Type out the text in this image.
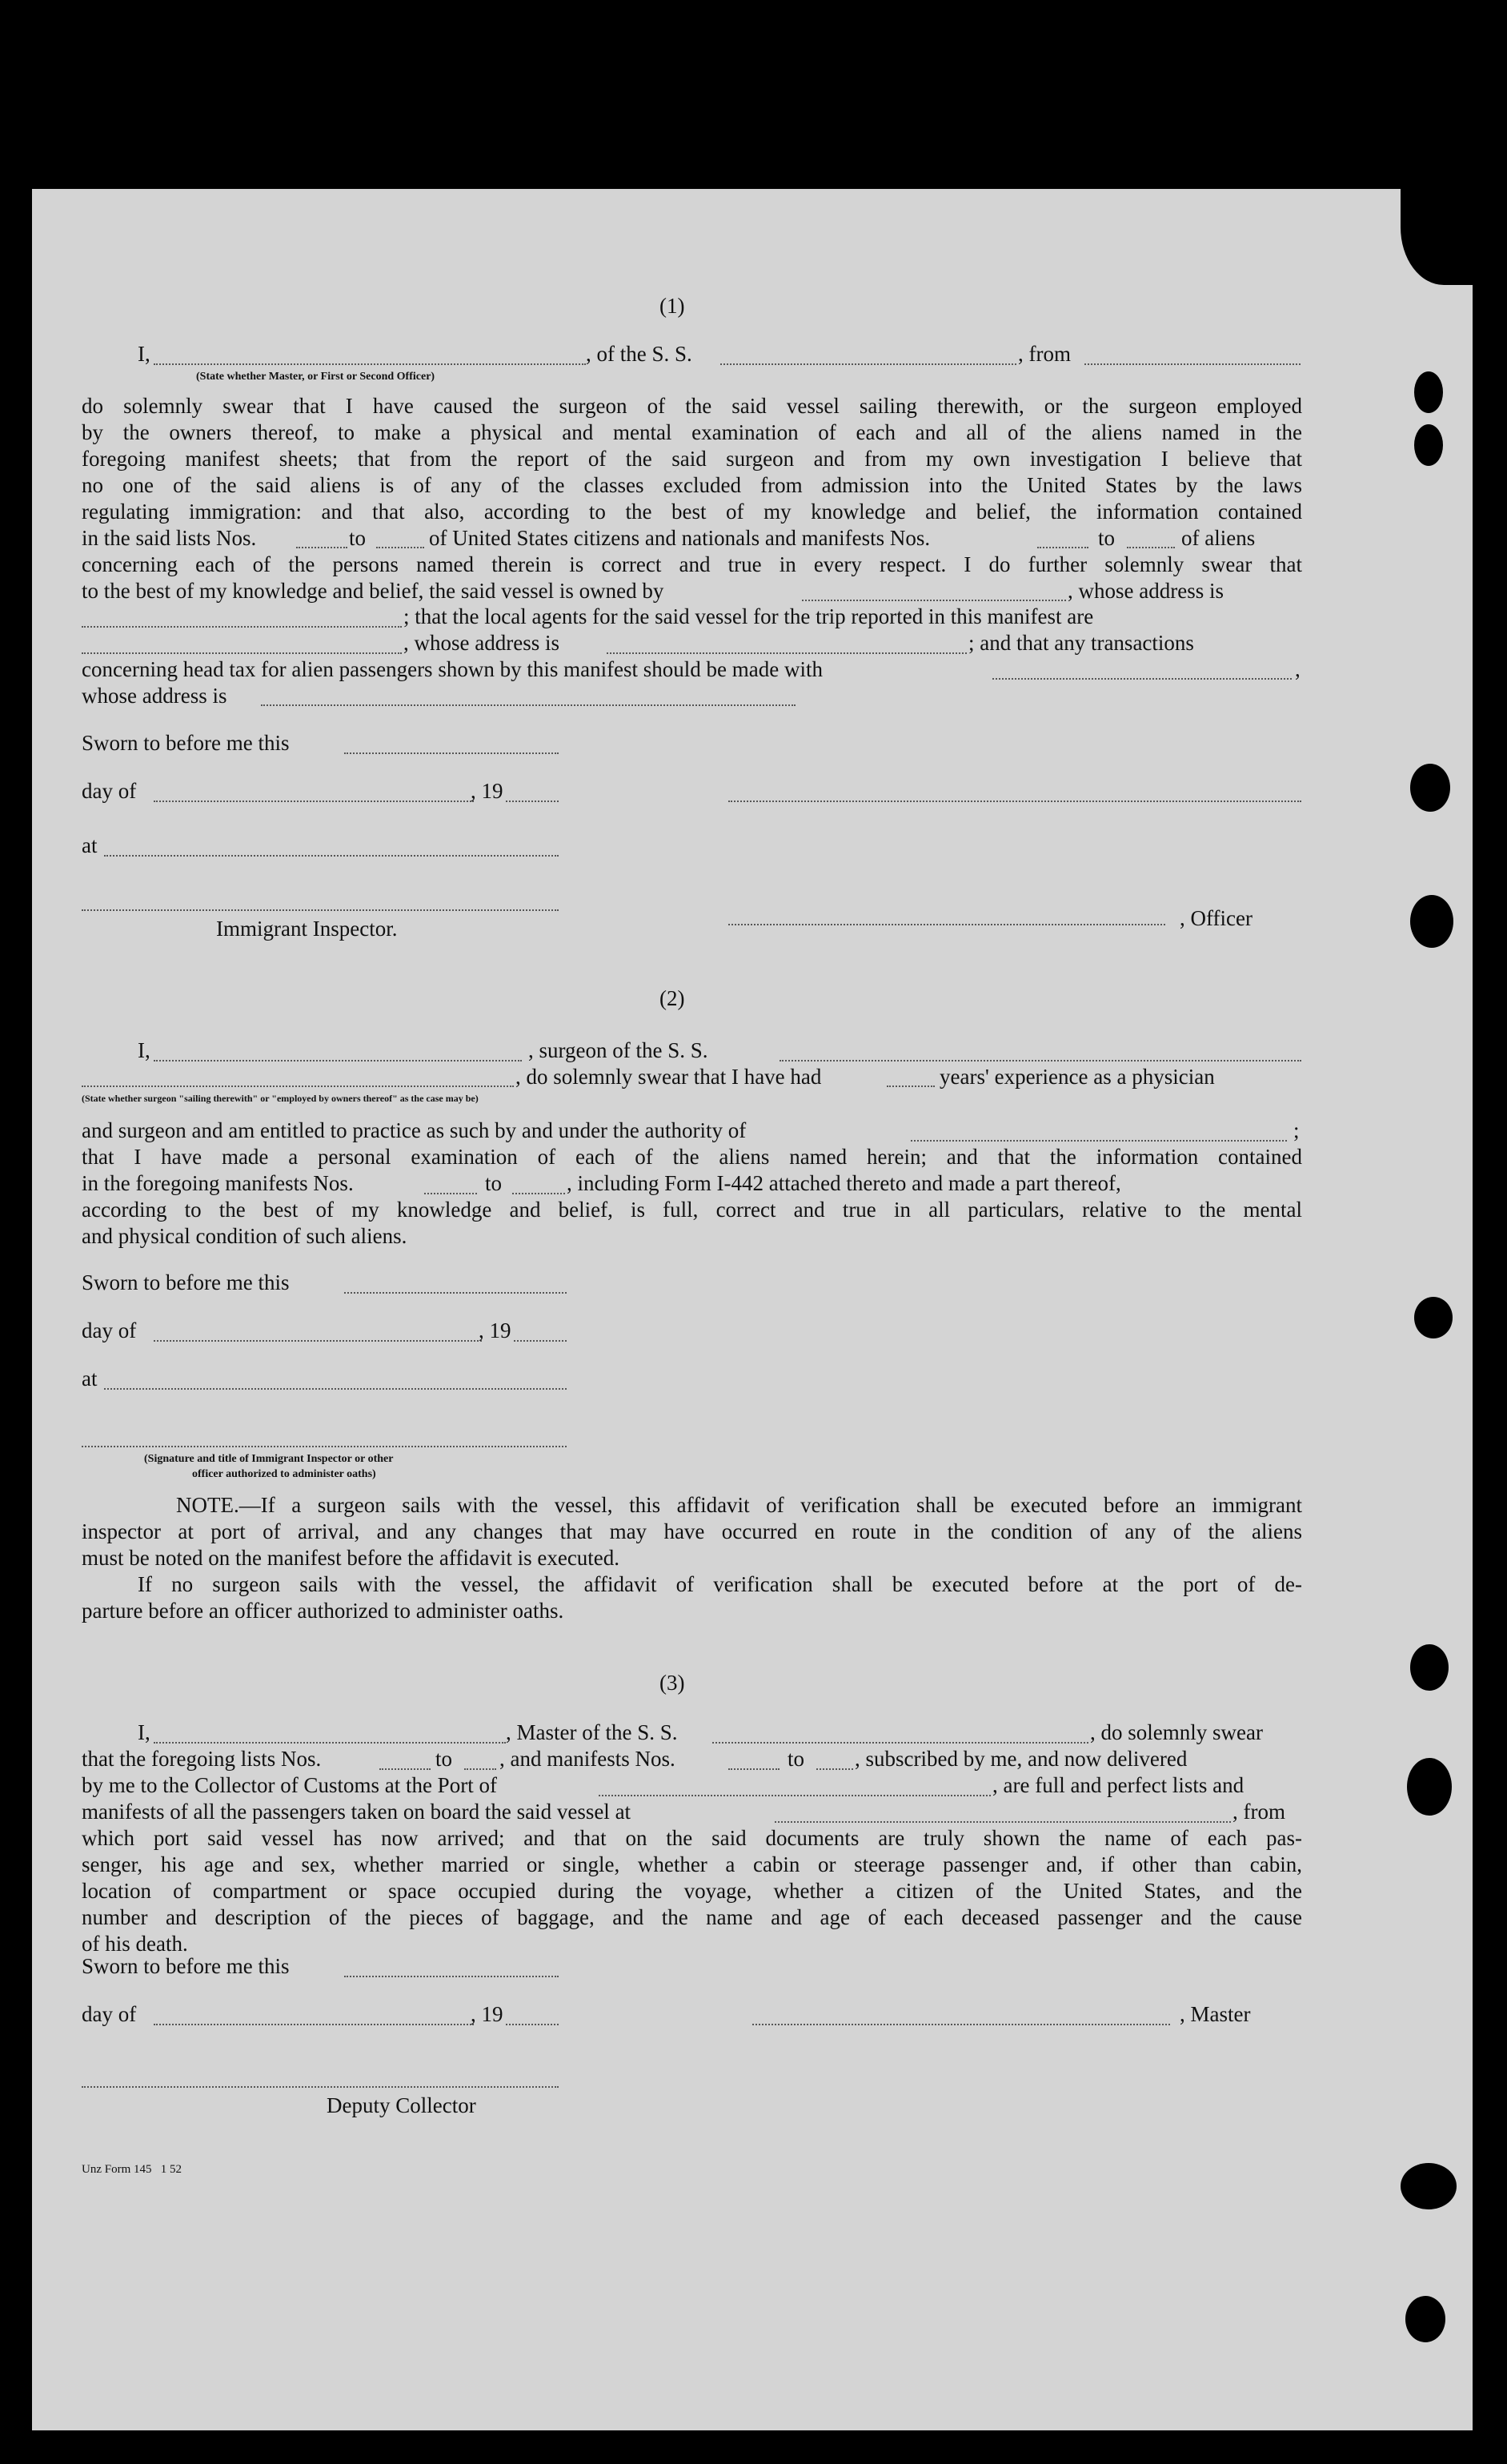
(1)
I,	, of the S. S.	, from
(State whether Master, or First or Second Officer)
do solemnly swear that I have caused the surgeon of the said vessel sailing therewith, or the surgeon employed
by the owners thereof, to make a physical and mental examination of each and all of the aliens named in the
foregoing manifest sheets; that from the report of the said surgeon and from my own investigation I believe that
no one of the said aliens is of any of the classes excluded from admission into the United States by the laws
regulating immigration: and that also, according to the best of my knowledge and belief, the information contained
in the said lists Nos.	to	of United States citizens and nationals and manifests Nos.	to	of aliens
concerning each of the persons named therein is correct and true in every respect. I do further solemnly swear that
to the best of my knowledge and belief, the said vessel is owned by	, whose address is
; that the local agents for the said vessel for the trip reported in this manifest are
, whose address is	; and that any transactions
concerning head tax for alien passengers shown by this manifest should be made with	,
whose address is
Sworn to before me this
day of	, 19
at
Immigrant Inspector.	, Officer
(2)
I,	, surgeon of the S. S.
, do solemnly swear that I have had	years' experience as a physician
(State whether surgeon "sailing therewith" or "employed by owners thereof" as the case may be)
and surgeon and am entitled to practice as such by and under the authority of	;
that I have made a personal examination of each of the aliens named herein; and that the information contained
in the foregoing manifests Nos.	to	, including Form I-442 attached thereto and made a part thereof,
according to the best of my knowledge and belief, is full, correct and true in all particulars, relative to the mental
and physical condition of such aliens.
Sworn to before me this
day of	, 19
at
(Signature and title of Immigrant Inspector or other
officer authorized to administer oaths)
NOTE.—If a surgeon sails with the vessel, this affidavit of verification shall be executed before an immigrant
inspector at port of arrival, and any changes that may have occurred en route in the condition of any of the aliens
must be noted on the manifest before the affidavit is executed.
If no surgeon sails with the vessel, the affidavit of verification shall be executed before at the port of de-
parture before an officer authorized to administer oaths.
(3)
I,	, Master of the S. S.	, do solemnly swear
that the foregoing lists Nos.	to , and manifests Nos.	to , subscribed by me, and now delivered
by me to the Collector of Customs at the Port of	, are full and perfect lists and
manifests of all the passengers taken on board the said vessel at	, from
which port said vessel has now arrived; and that on the said documents are truly shown the name of each pas-
senger, his age and sex, whether married or single, whether a cabin or steerage passenger and, if other than cabin,
location of compartment or space occupied during the voyage, whether a citizen of the United States, and the
number and description of the pieces of baggage, and the name and age of each deceased passenger and the cause
of his death.
Sworn to before me this
day of	, 19	, Master
Deputy Collector
Unz Form 145   1 52
